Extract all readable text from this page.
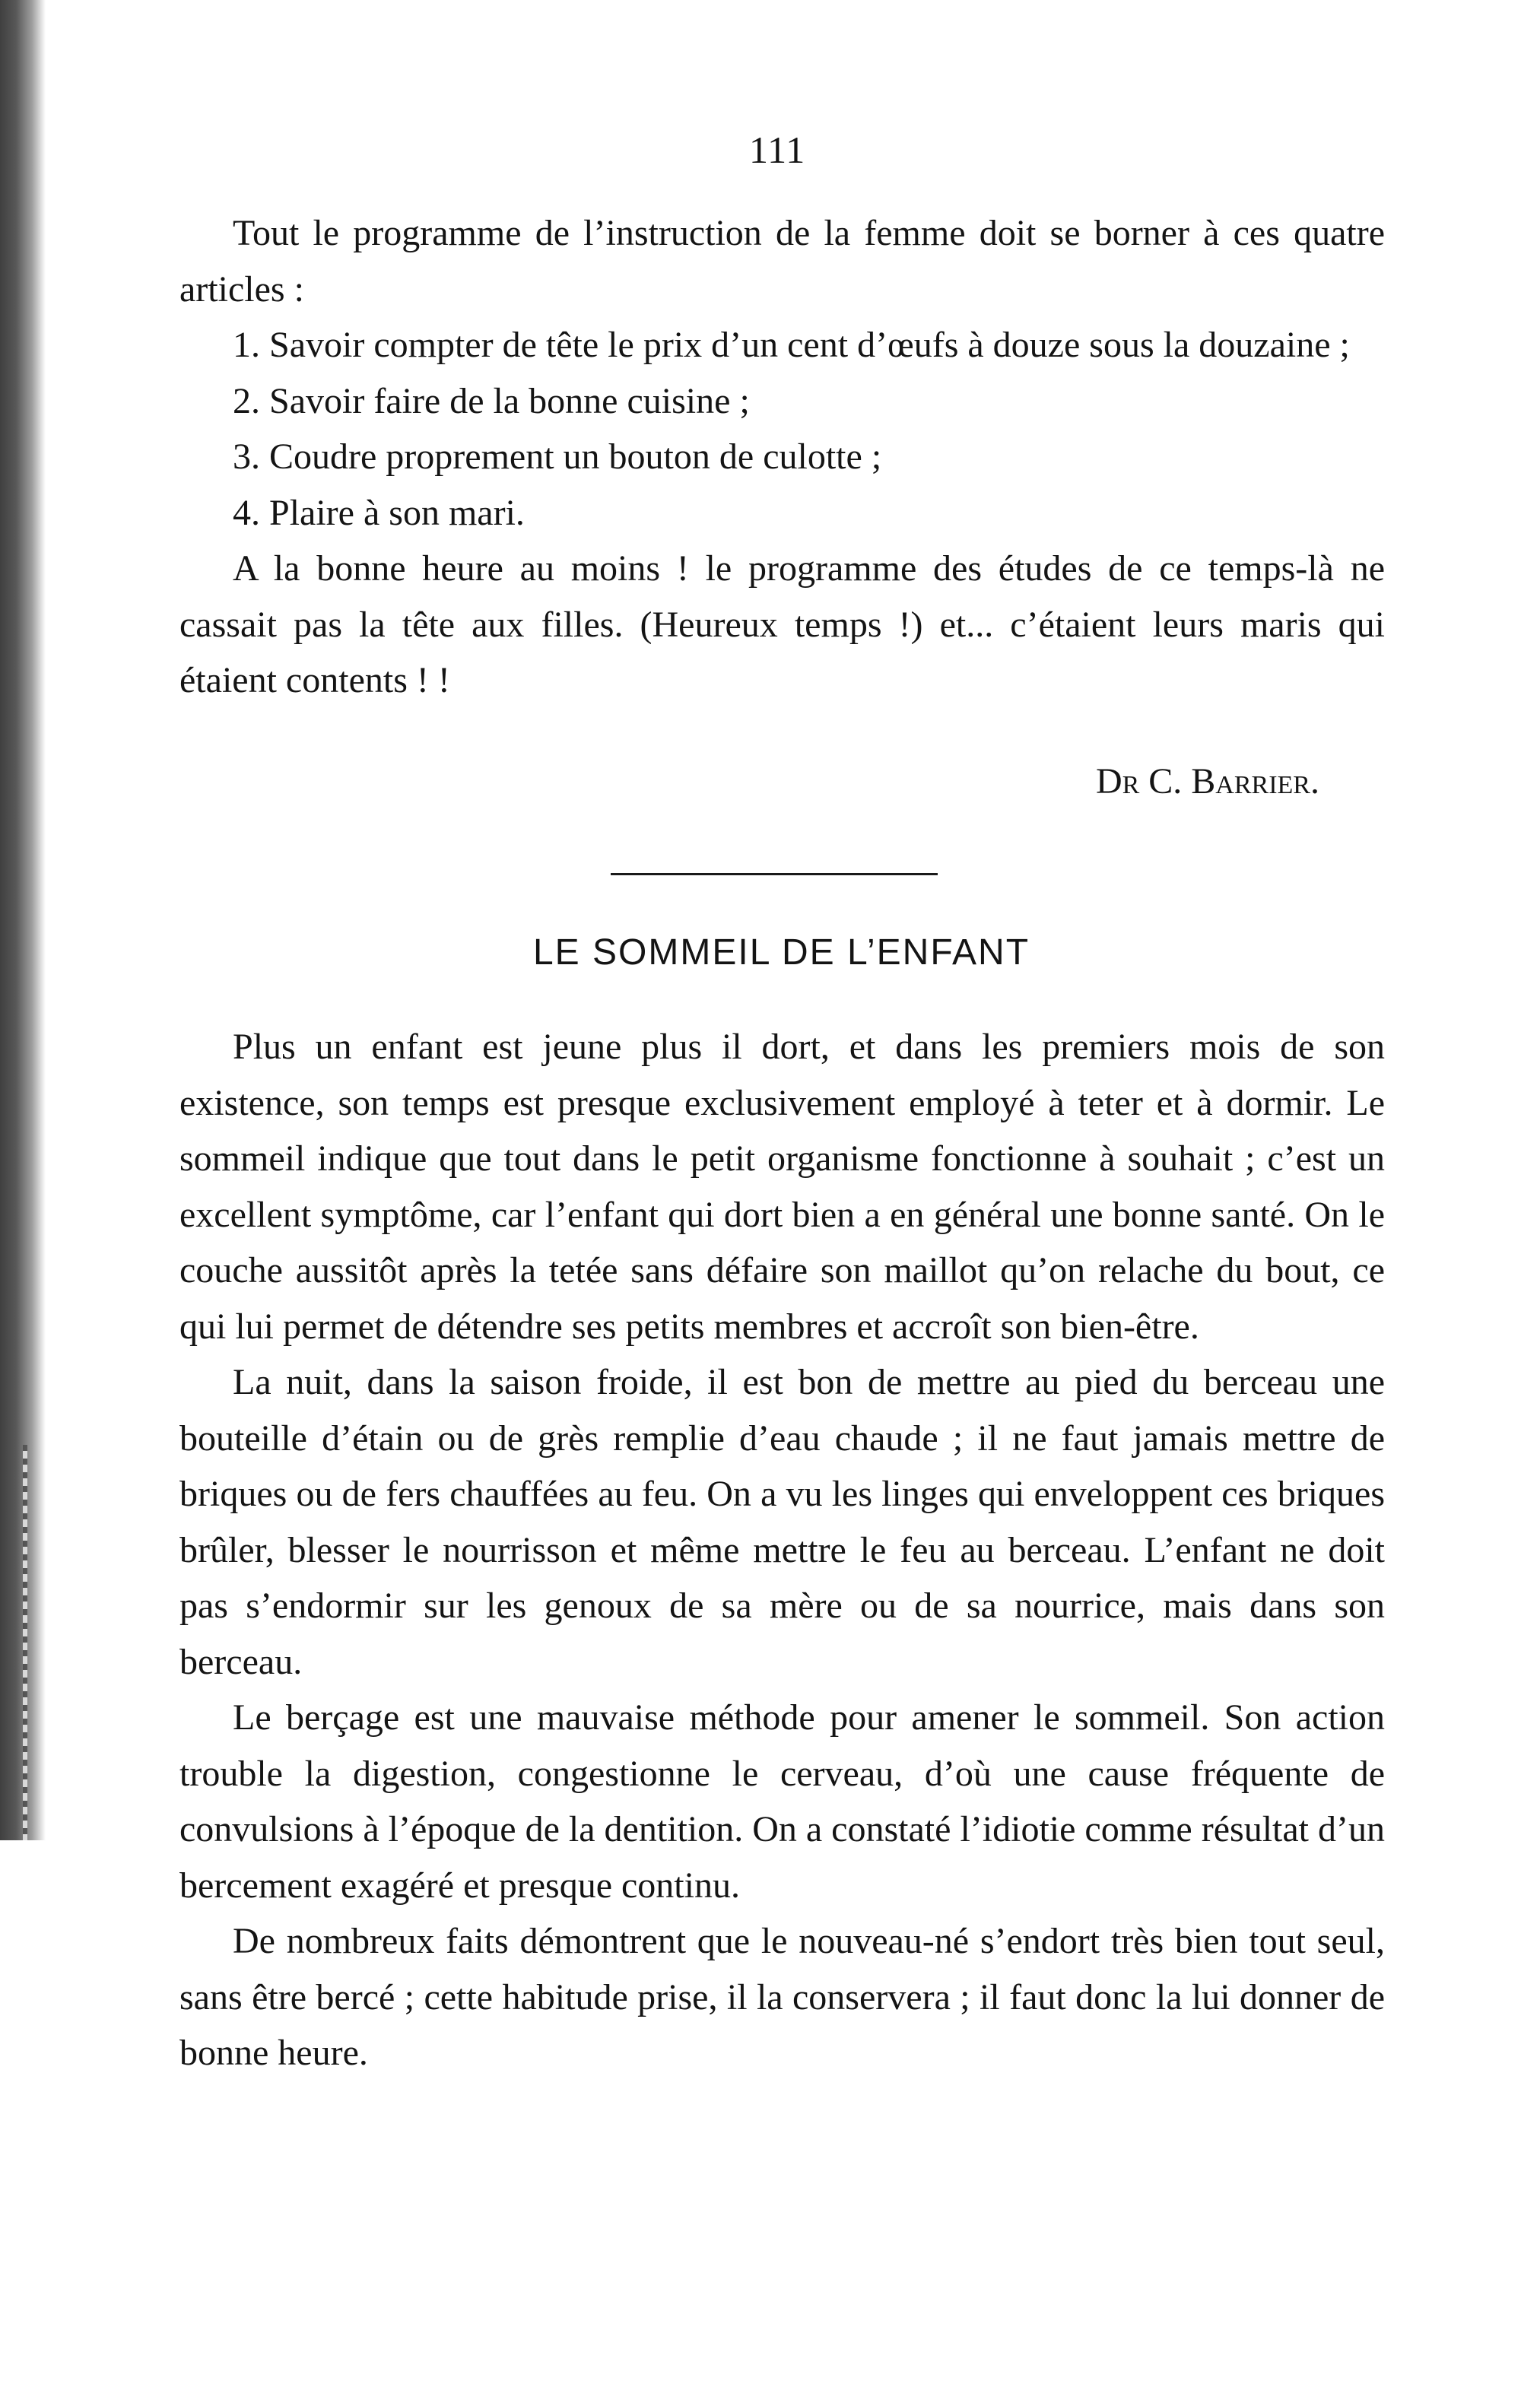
111

Tout le programme de l’instruction de la femme doit se borner à ces quatre articles :

1. Savoir compter de tête le prix d’un cent d’œufs à douze sous la douzaine ;

2. Savoir faire de la bonne cuisine ;

3. Coudre proprement un bouton de culotte ;

4. Plaire à son mari.

A la bonne heure au moins ! le programme des études de ce temps-là ne cassait pas la tête aux filles. (Heureux temps !) et... c’étaient leurs maris qui étaient contents ! !

Dr C. Barrier.
LE SOMMEIL DE L’ENFANT

Plus un enfant est jeune plus il dort, et dans les premiers mois de son existence, son temps est presque exclusivement employé à teter et à dormir. Le sommeil indique que tout dans le petit organisme fonctionne à souhait ; c’est un excellent symptôme, car l’enfant qui dort bien a en général une bonne santé. On le couche aussitôt après la tetée sans défaire son maillot qu’on relache du bout, ce qui lui permet de détendre ses petits membres et accroît son bien-être.

La nuit, dans la saison froide, il est bon de mettre au pied du berceau une bouteille d’étain ou de grès remplie d’eau chaude ; il ne faut jamais mettre de briques ou de fers chauffées au feu. On a vu les linges qui enveloppent ces briques brûler, blesser le nourrisson et même mettre le feu au berceau. L’enfant ne doit pas s’endormir sur les genoux de sa mère ou de sa nourrice, mais dans son berceau.

Le berçage est une mauvaise méthode pour amener le sommeil. Son action trouble la digestion, congestionne le cerveau, d’où une cause fréquente de convulsions à l’époque de la dentition. On a constaté l’idiotie comme résultat d’un bercement exagéré et presque continu.

De nombreux faits démontrent que le nouveau-né s’endort très bien tout seul, sans être bercé ; cette habitude prise, il la conservera ; il faut donc la lui donner de bonne heure.
